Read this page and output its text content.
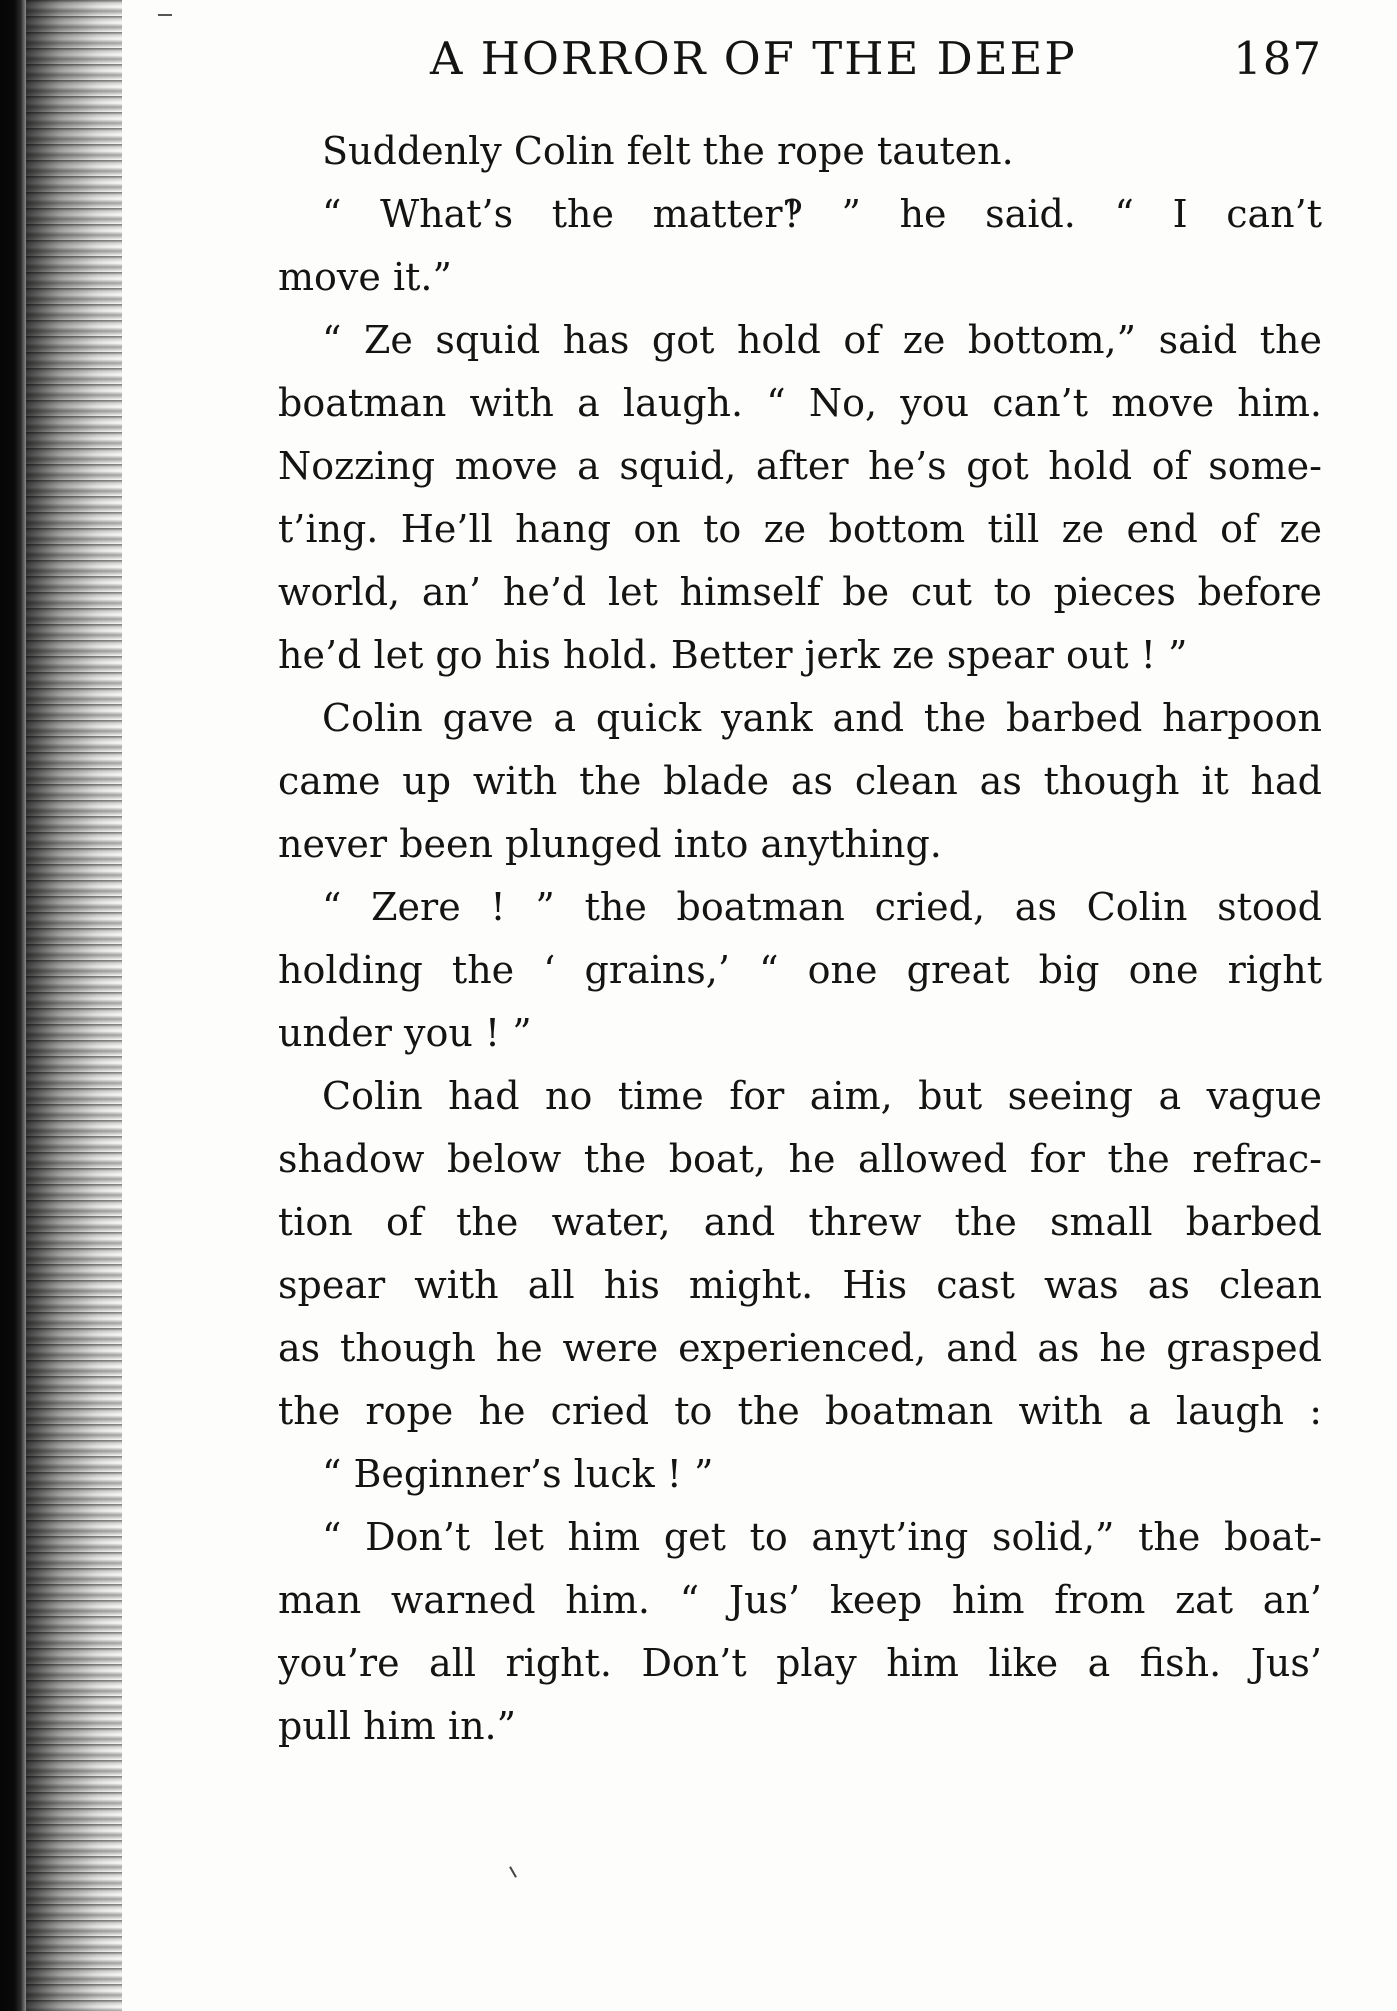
A HORROR OF THE DEEP	187
Suddenly Colin felt the rope tauten.
“ What’s the matter‽ ” he said. “ I can’t
move it.”
“ Ze squid has got hold of ze bottom,” said the
boatman with a laugh. “ No, you can’t move him.
Nozzing move a squid, after he’s got hold of some-
t’ing. He’ll hang on to ze bottom till ze end of ze
world, an’ he’d let himself be cut to pieces before
he’d let go his hold. Better jerk ze spear out ! ”
Colin gave a quick yank and the barbed harpoon
came up with the blade as clean as though it had
never been plunged into anything.
“ Zere ! ” the boatman cried, as Colin stood
holding the ‘ grains,’ “ one great big one right
under you ! ”
Colin had no time for aim, but seeing a vague
shadow below the boat, he allowed for the refrac-
tion of the water, and threw the small barbed
spear with all his might. His cast was as clean
as though he were experienced, and as he grasped
the rope he cried to the boatman with a laugh :
“ Beginner’s luck ! ”
“ Don’t let him get to anyt’ing solid,” the boat-
man warned him. “ Jus’ keep him from zat an’
you’re all right. Don’t play him like a fish. Jus’
pull him in.”
